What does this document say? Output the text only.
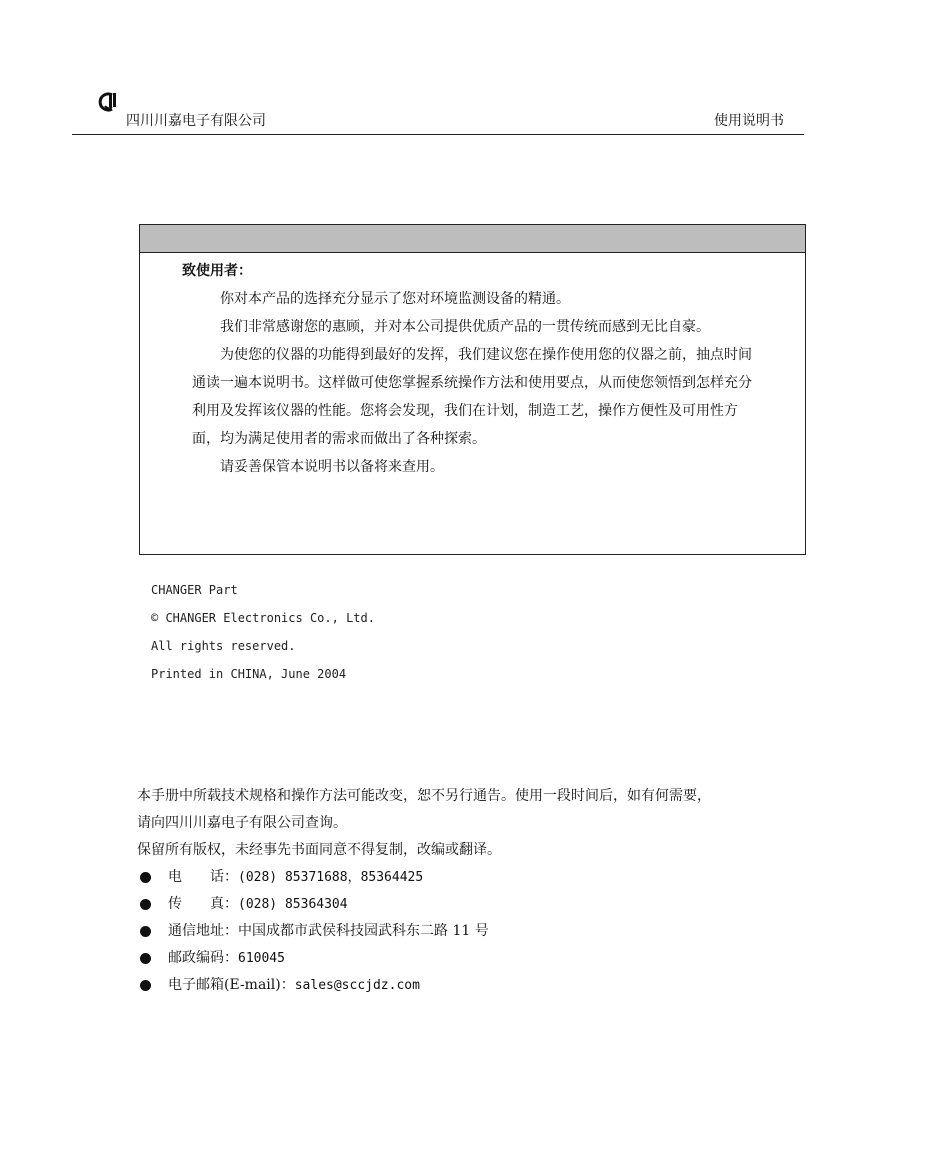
四川川嘉电子有限公司	使用说明书
致使用者：

你对本产品的选择充分显示了您对环境监测设备的精通。

我们非常感谢您的惠顾，并对本公司提供优质产品的一贯传统而感到无比自豪。

为使您的仪器的功能得到最好的发挥，我们建议您在操作使用您的仪器之前，抽点时间通读一遍本说明书。这样做可使您掌握系统操作方法和使用要点，从而使您领悟到怎样充分利用及发挥该仪器的性能。您将会发现，我们在计划，制造工艺，操作方便性及可用性方面，均为满足使用者的需求而做出了各种探索。

请妥善保管本说明书以备将来查用。

CHANGER Part
© CHANGER Electronics Co., Ltd.
All rights reserved.
Printed in CHINA, June 2004

本手册中所载技术规格和操作方法可能改变，恕不另行通告。使用一段时间后，如有何需要，请向四川川嘉电子有限公司查询。

保留所有版权，未经事先书面同意不得复制，改编或翻译。

电　　话：(028) 85371688，85364425
传　　真：(028) 85364304
通信地址：中国成都市武侯科技园武科东二路 11 号
邮政编码：610045
电子邮箱(E-mail)：sales@sccjdz.com
